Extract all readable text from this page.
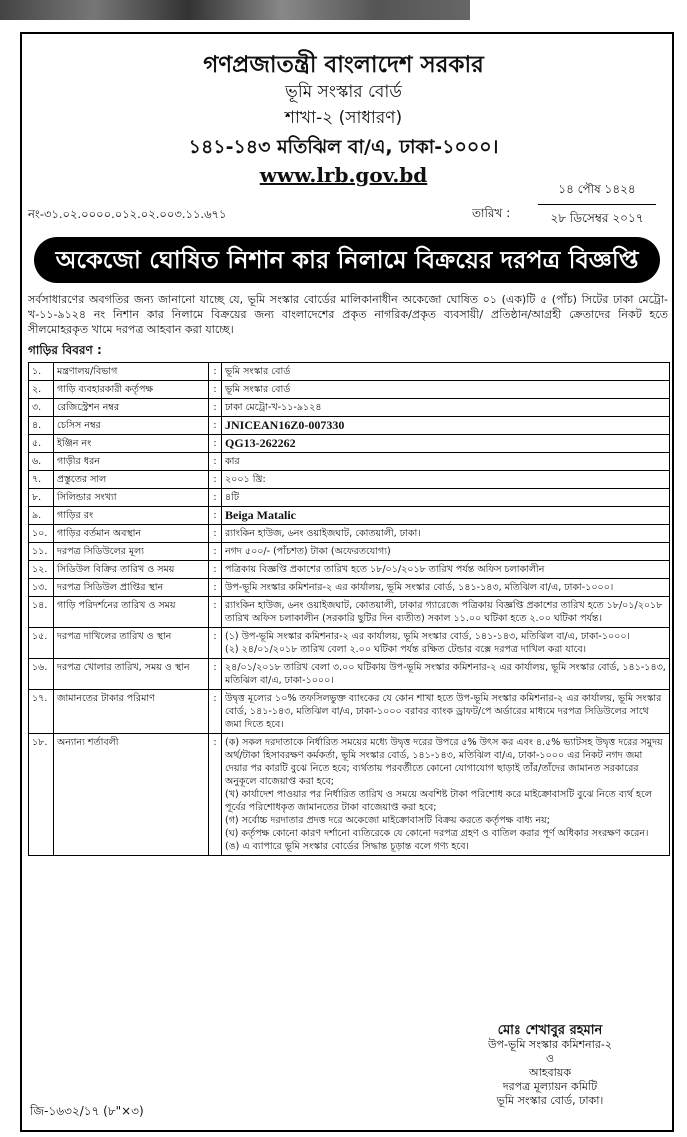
গণপ্রজাতন্ত্রী বাংলাদেশ সরকার
ভূমি সংস্কার বোর্ড
শাখা-২ (সাধারণ)
১৪১-১৪৩ মতিঝিল বা/এ, ঢাকা-১০০০।
www.lrb.gov.bd
নং-৩১.০২.০০০০.০১২.০২.০০৩.১১.৬৭১	তারিখ :
১৪ পৌষ ১৪২৪
২৮ ডিসেম্বর ২০১৭
অকেজো ঘোষিত নিশান কার নিলামে বিক্রয়ের দরপত্র বিজ্ঞপ্তি
সর্বসাধারণের অবগতির জন্য জানানো যাচ্ছে যে, ভূমি সংস্কার বোর্ডের মালিকানাধীন অকেজো ঘোষিত ০১ (এক)টি ৫ (পাঁচ) সিটের ঢাকা মেট্রো-খ-১১-৯১২৪ নং নিশান কার নিলামে বিক্রয়ের জন্য বাংলাদেশের প্রকৃত নাগরিক/প্রকৃত ব্যবসায়ী/ প্রতিষ্ঠান/আগ্রহী ক্রেতাদের নিকট হতে সীলমোহরকৃত খামে দরপত্র আহবান করা যাচ্ছে।
গাড়ির বিবরণ :
১.	মন্ত্রণালয়/বিভাগ	:	ভূমি সংস্কার বোর্ড
২.	গাড়ি ব্যবহারকারী কর্তৃপক্ষ	:	ভূমি সংস্কার বোর্ড
৩.	রেজিস্ট্রেশন নম্বর	:	ঢাকা মেট্রো-খ-১১-৯১২৪
৪.	চেসিস নম্বর	:	JNICEAN16Z0-007330
৫.	ইঞ্জিন নং	:	QG13-262262
৬.	গাড়ীর ধরন	:	কার
৭.	প্রস্তুতের সাল	:	২০০১ খ্রি:
৮.	সিলিন্ডার সংখ্যা	:	৪টি
৯.	গাড়ির রং	:	Beiga Matalic
১০.	গাড়ির বর্তমান অবস্থান	:	র‍্যাংকিন হাউজ, ৬নং ওয়াইজঘাট, কোতয়ালী, ঢাকা।
১১.	দরপত্র সিডিউলের মূল্য	:	নগদ ৫০০/- (পাঁচশত) টাকা (অফেরতযোগ্য)
১২.	সিডিউল বিক্রির তারিখ ও সময়	:	পত্রিকায় বিজ্ঞপ্তি প্রকাশের তারিখ হতে ১৮/০১/২০১৮ তারিখ পর্যন্ত অফিস চলাকালীন
১৩.	দরপত্র সিডিউল প্রাপ্তির স্থান	:	উপ-ভূমি সংস্কার কমিশনার-২ এর কার্যালয়, ভূমি সংস্কার বোর্ড, ১৪১-১৪৩, মতিঝিল বা/এ, ঢাকা-১০০০।
১৪.	গাড়ি পরিদর্শনের তারিখ ও সময়	:	র‍্যাংকিন হাউজ, ৬নং ওয়াইজঘাট, কোতয়ালী, ঢাকার গ্যারেজে পত্রিকায় বিজ্ঞপ্তি প্রকাশের তারিখ হতে ১৮/০১/২০১৮ তারিখ অফিস চলাকালীন (সরকারি ছুটির দিন ব্যতীত) সকাল ১১.০০ ঘটিকা হতে ২.০০ ঘটিকা পর্যন্ত।
১৫.	দরপত্র দাখিলের তারিখ ও স্থান	:	(১) উপ-ভূমি সংস্কার কমিশনার-২ এর কার্যালয়, ভূমি সংস্কার বোর্ড, ১৪১-১৪৩, মতিঝিল বা/এ, ঢাকা-১০০০।

(২) ২৪/০১/২০১৮ তারিখ বেলা ২.০০ ঘটিকা পর্যন্ত রক্ষিত টেন্ডার বক্সে দরপত্র দাখিল করা যাবে।

১৬.	দরপত্র খোলার তারিখ, সময় ও স্থান	:	২৪/০১/২০১৮ তারিখ বেলা ৩.০০ ঘটিকায় উপ-ভূমি সংস্কার কমিশনার-২ এর কার্যালয়, ভূমি সংস্কার বোর্ড, ১৪১-১৪৩, মতিঝিল বা/এ, ঢাকা-১০০০।
১৭.	জামানতের টাকার পরিমাণ	:	উদ্বৃত্ত মূল্যের ১০% তফসিলভুক্ত ব্যাংকের যে কোন শাখা হতে উপ-ভূমি সংস্কার কমিশনার-২ এর কার্যালয়, ভূমি সংস্কার বোর্ড, ১৪১-১৪৩, মতিঝিল বা/এ, ঢাকা-১০০০ বরাবর ব্যাংক ড্রাফট/পে অর্ডারের মাধ্যমে দরপত্র সিডিউলের সাথে জমা দিতে হবে।
১৮.	অন্যান্য শর্তাবলী	:	(ক) সকল দরদাতাকে নির্ধারিত সময়ের মধ্যে উদ্বৃত্ত দরের উপরে ৫% উৎস কর এবং ৪.৫% ভ্যাটসহ উদ্বৃত্ত দরের সমুদয় অর্থ/টাকা হিসাবরক্ষণ কর্মকর্তা, ভূমি সংস্কার বোর্ড, ১৪১-১৪৩, মতিঝিল বা/এ, ঢাকা-১০০০ এর নিকট নগদ জমা দেয়ার পর কারটি বুঝে নিতে হবে; ব্যর্থতায় পরবর্তীতে কোনো যোগাযোগ ছাড়াই তাঁর/তাঁদের জামানত সরকারের অনুকূলে বাজেয়াপ্ত করা হবে;

(খ) কার্যাদেশ পাওয়ার পর নির্ধারিত তারিখ ও সময়ে অবশিষ্ট টাকা পরিশোধ করে মাইক্রোবাসটি বুঝে নিতে ব্যর্থ হলে পূর্বের পরিশোধকৃত জামানতের টাকা বাজেয়াপ্ত করা হবে;

(গ) সর্বোচ্চ দরদাতার প্রদত্ত দরে অকেজো মাইক্রোবাসটি বিক্রয় করতে কর্তৃপক্ষ বাধ্য নয়;

(ঘ) কর্তৃপক্ষ কোনো কারণ দর্শানো ব্যতিরেকে যে কোনো দরপত্র গ্রহণ ও বাতিল করার পূর্ণ অধিকার সংরক্ষণ করেন।

(ঙ) এ ব্যাপারে ভূমি সংস্কার বোর্ডের সিদ্ধান্ত চূড়ান্ত বলে গণ্য হবে।

মোঃ শেখাবুর রহমান
উপ-ভূমি সংস্কার কমিশনার-২
ও
আহবায়ক
দরপত্র মূল্যায়ন কমিটি
ভূমি সংস্কার বোর্ড, ঢাকা।
জি-১৬৩২/১৭ (৮"×৩)
